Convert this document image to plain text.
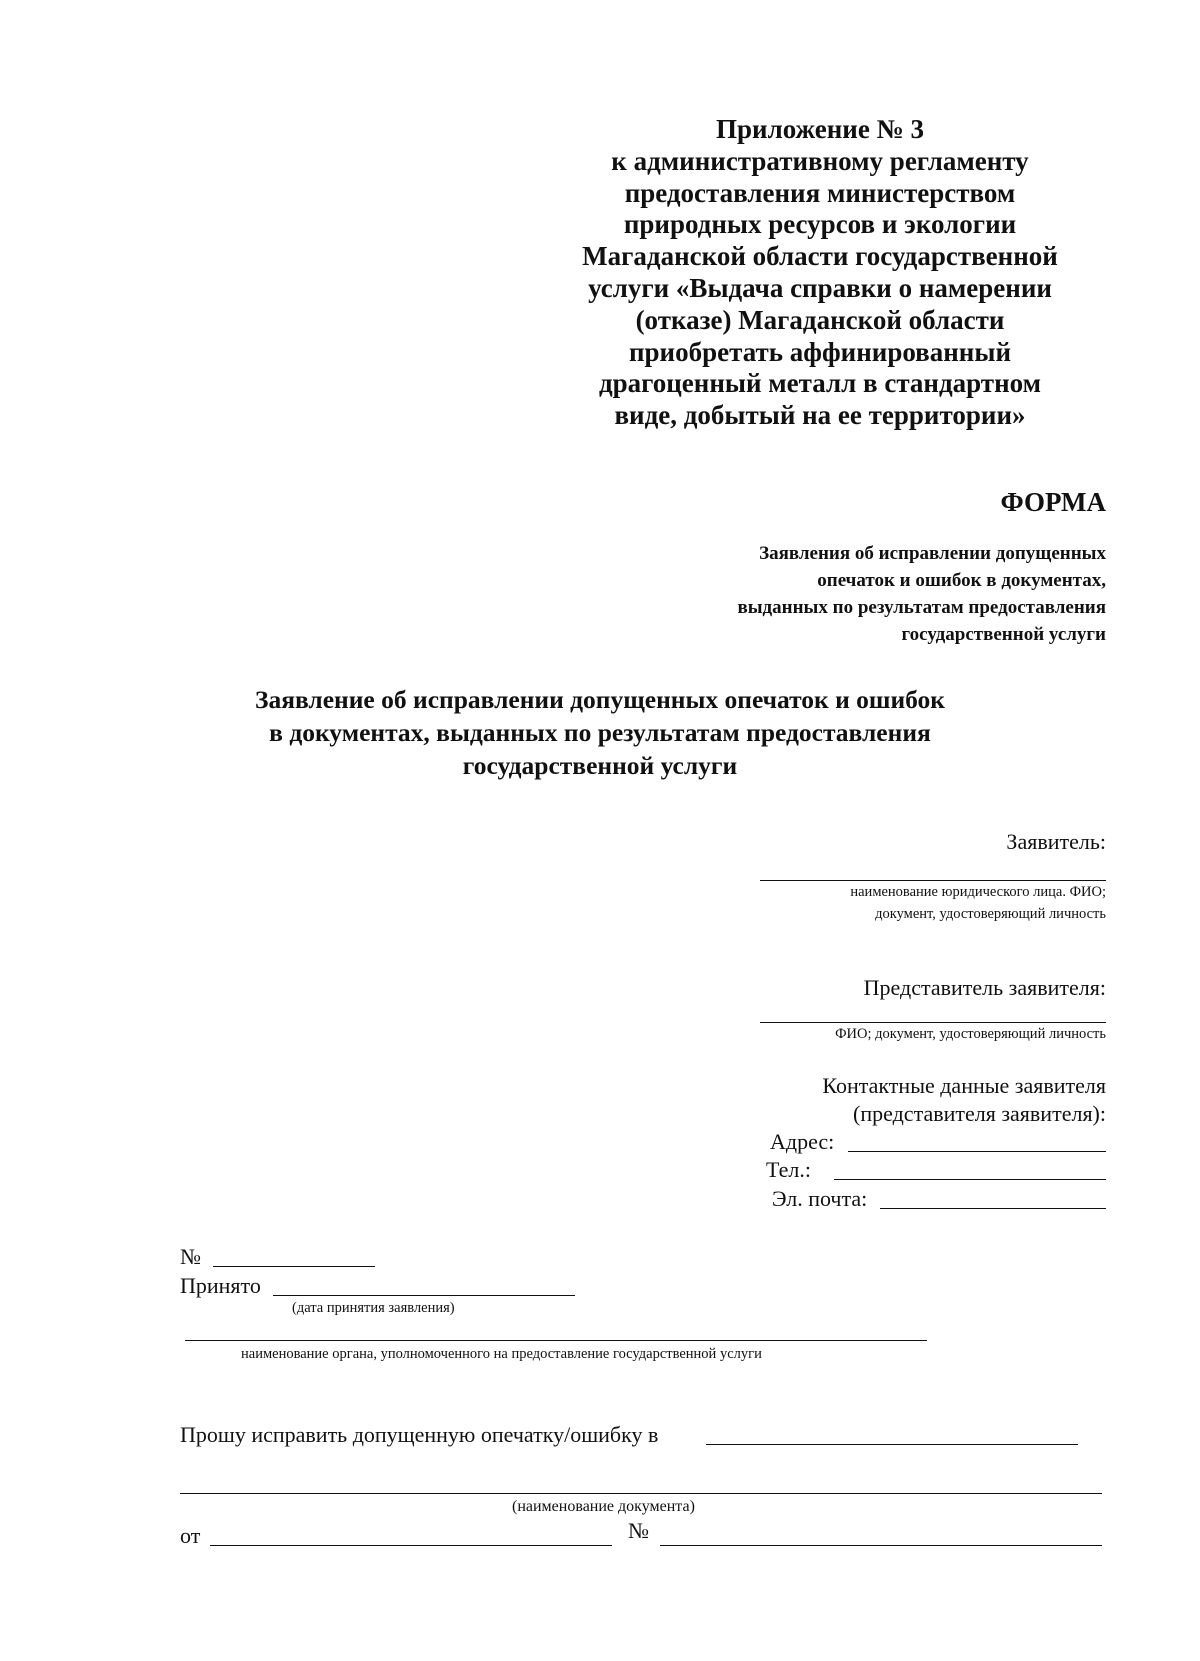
Приложение № 3
к административному регламенту
предоставления министерством
природных ресурсов и экологии
Магаданской области государственной
услуги «Выдача справки о намерении
(отказе) Магаданской области
приобретать аффинированный
драгоценный металл в стандартном
виде, добытый на ее территории»
ФОРМА
Заявления об исправлении допущенных
опечаток и ошибок в документах,
выданных по результатам предоставления
государственной услуги
Заявление об исправлении допущенных опечаток и ошибок
в документах, выданных по результатам предоставления
государственной услуги
Заявитель:
наименование юридического лица. ФИО;
документ, удостоверяющий личность
Представитель заявителя:
ФИО; документ, удостоверяющий личность
Контактные данные заявителя
(представителя заявителя):
Адрес:
Тел.:
Эл. почта:
№
Принято
(дата принятия заявления)
наименование органа, уполномоченного на предоставление государственной услуги
Прошу исправить допущенную опечатку/ошибку в
(наименование документа)
от	№
